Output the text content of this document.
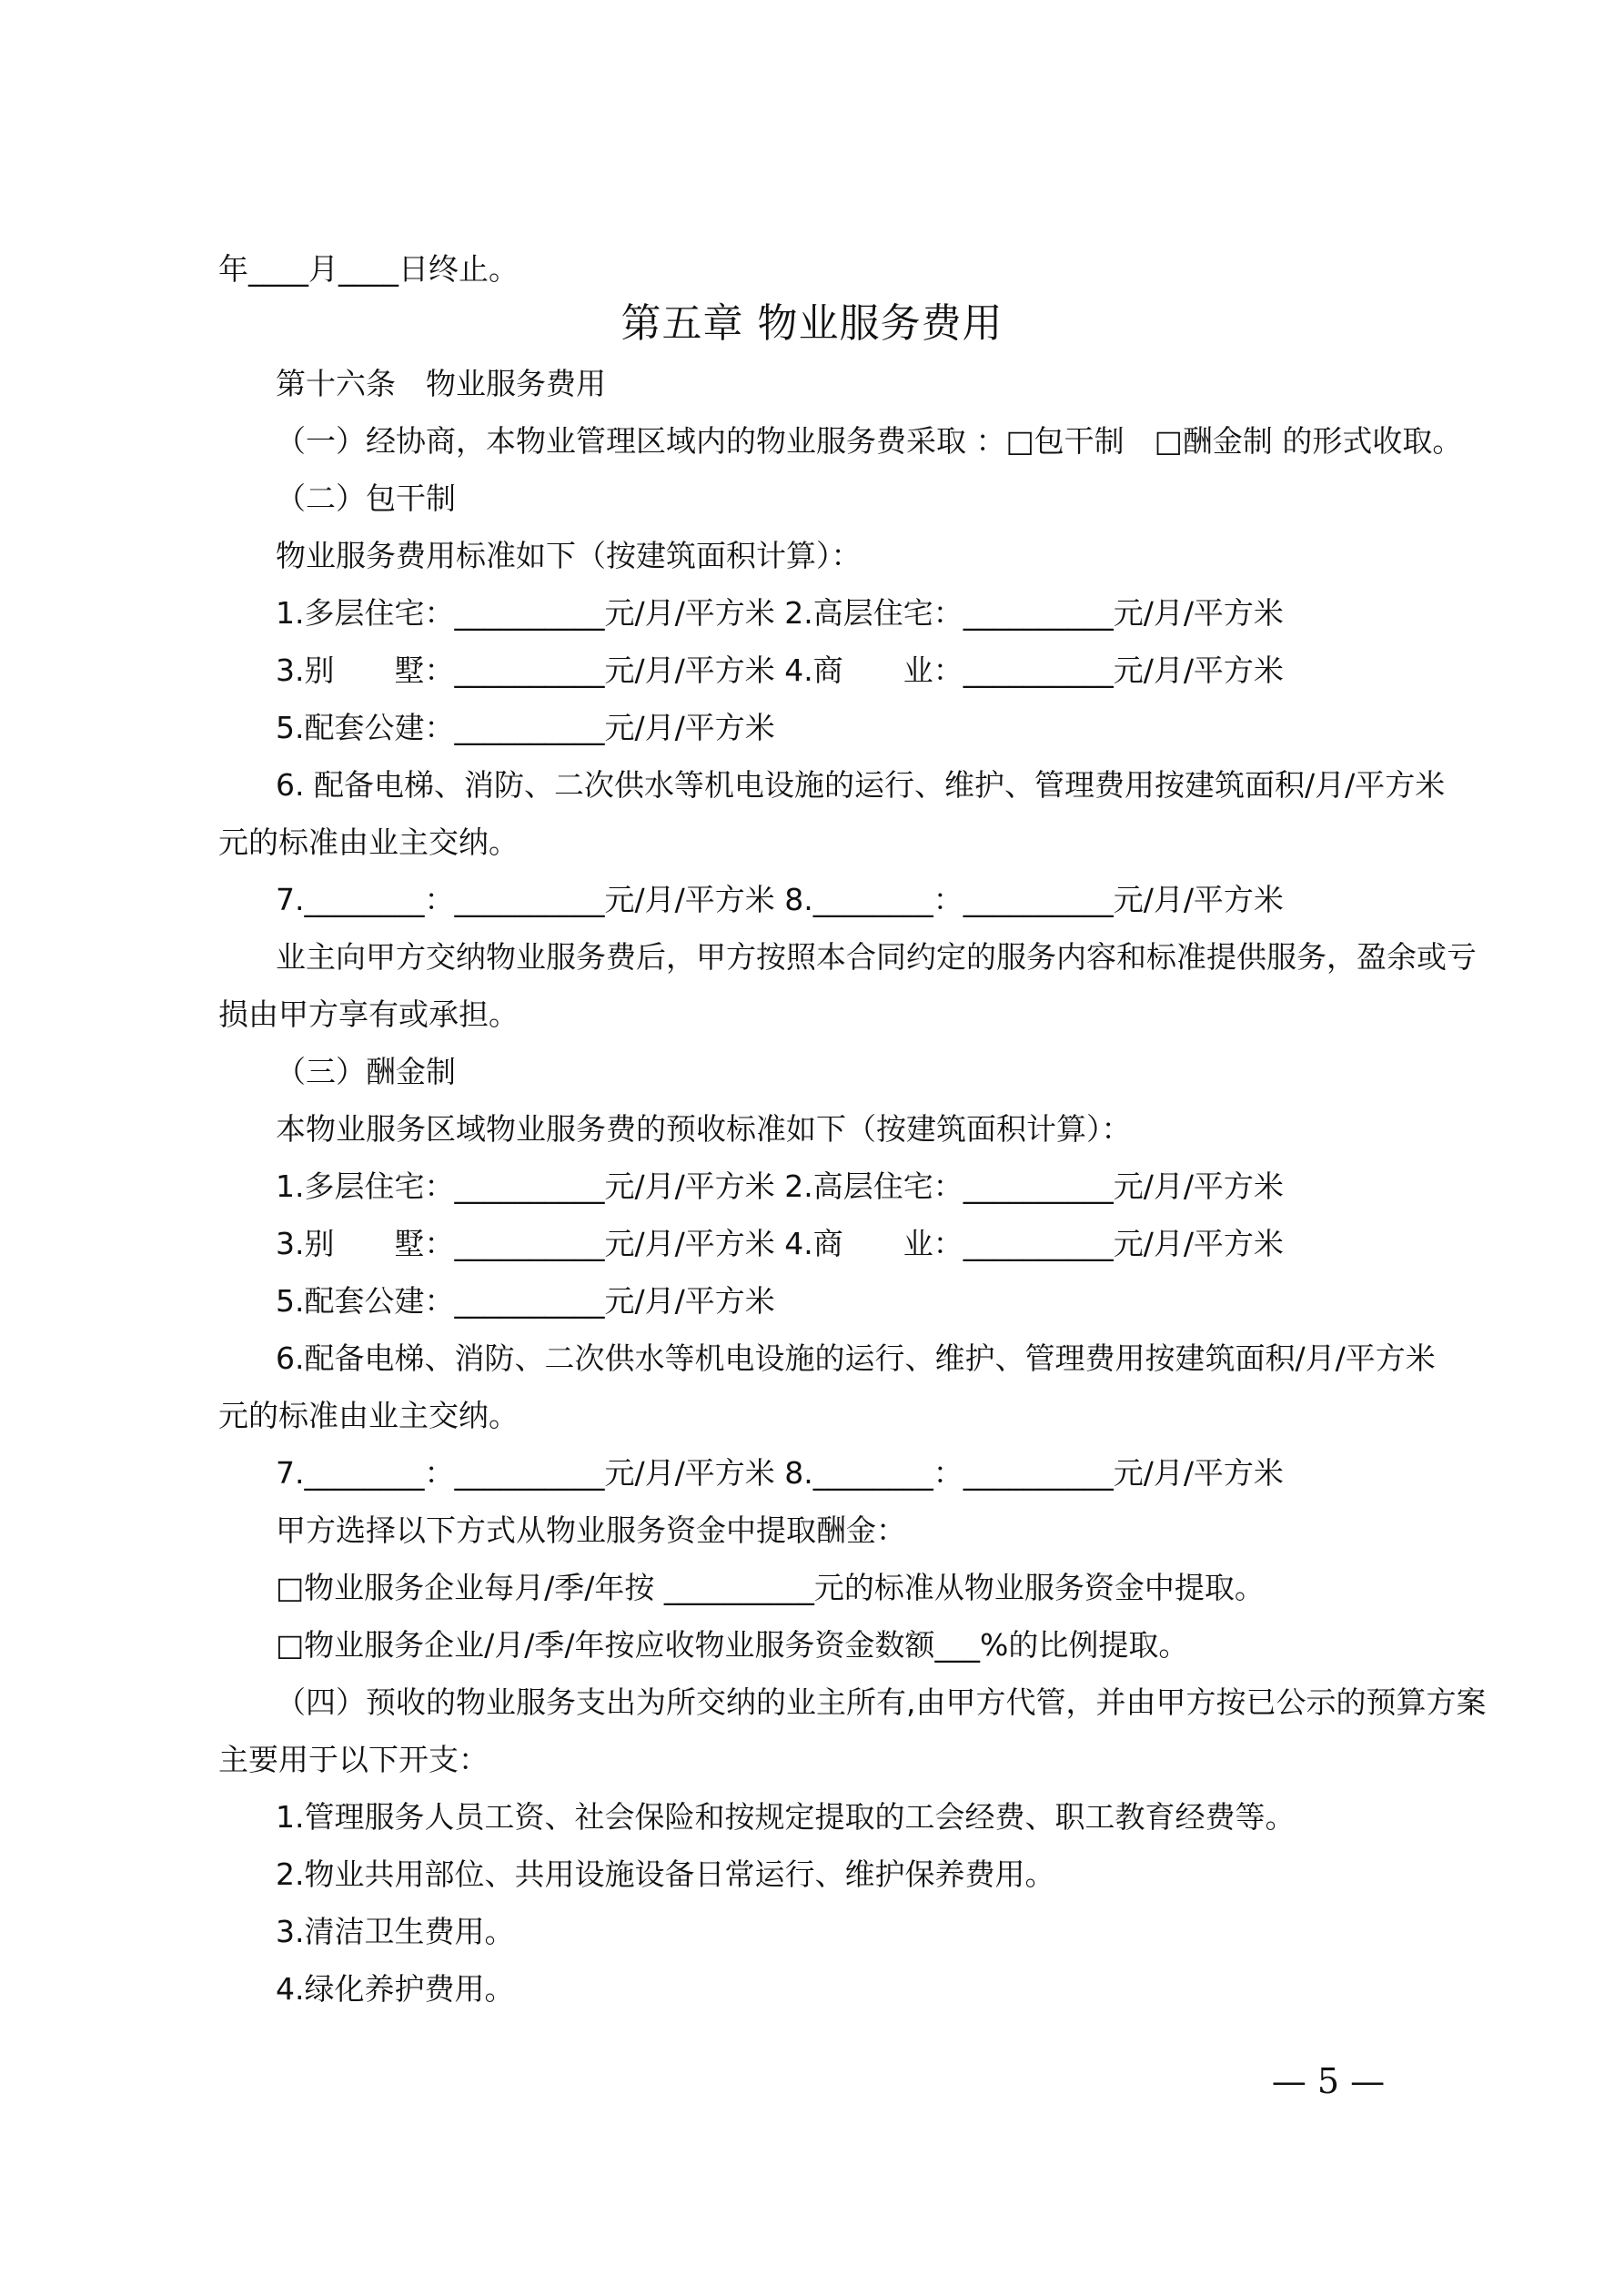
年____月____日终止。
第五章 物业服务费用
第十六条　物业服务费用
（一）经协商，本物业管理区域内的物业服务费采取 ：□包干制　□酬金制 的形式收取。
（二）包干制
物业服务费用标准如下（按建筑面积计算）：
1.多层住宅：__________元/月/平方米 2.高层住宅：__________元/月/平方米
3.别　　墅：__________元/月/平方米 4.商　　业：__________元/月/平方米
5.配套公建：__________元/月/平方米
6. 配备电梯、消防、二次供水等机电设施的运行、维护、管理费用按建筑面积/月/平方米
元的标准由业主交纳。
7.________：__________元/月/平方米 8.________：__________元/月/平方米
业主向甲方交纳物业服务费后，甲方按照本合同约定的服务内容和标准提供服务，盈余或亏
损由甲方享有或承担。
（三）酬金制
本物业服务区域物业服务费的预收标准如下（按建筑面积计算）：
1.多层住宅：__________元/月/平方米 2.高层住宅：__________元/月/平方米
3.别　　墅：__________元/月/平方米 4.商　　业：__________元/月/平方米
5.配套公建：__________元/月/平方米
6.配备电梯、消防、二次供水等机电设施的运行、维护、管理费用按建筑面积/月/平方米
元的标准由业主交纳。
7.________：__________元/月/平方米 8.________：__________元/月/平方米
甲方选择以下方式从物业服务资金中提取酬金：
□物业服务企业每月/季/年按 __________元的标准从物业服务资金中提取。
□物业服务企业/月/季/年按应收物业服务资金数额___%的比例提取。
（四）预收的物业服务支出为所交纳的业主所有,由甲方代管，并由甲方按已公示的预算方案
主要用于以下开支：
1.管理服务人员工资、社会保险和按规定提取的工会经费、职工教育经费等。
2.物业共用部位、共用设施设备日常运行、维护保养费用。
3.清洁卫生费用。
4.绿化养护费用。
— 5 —
